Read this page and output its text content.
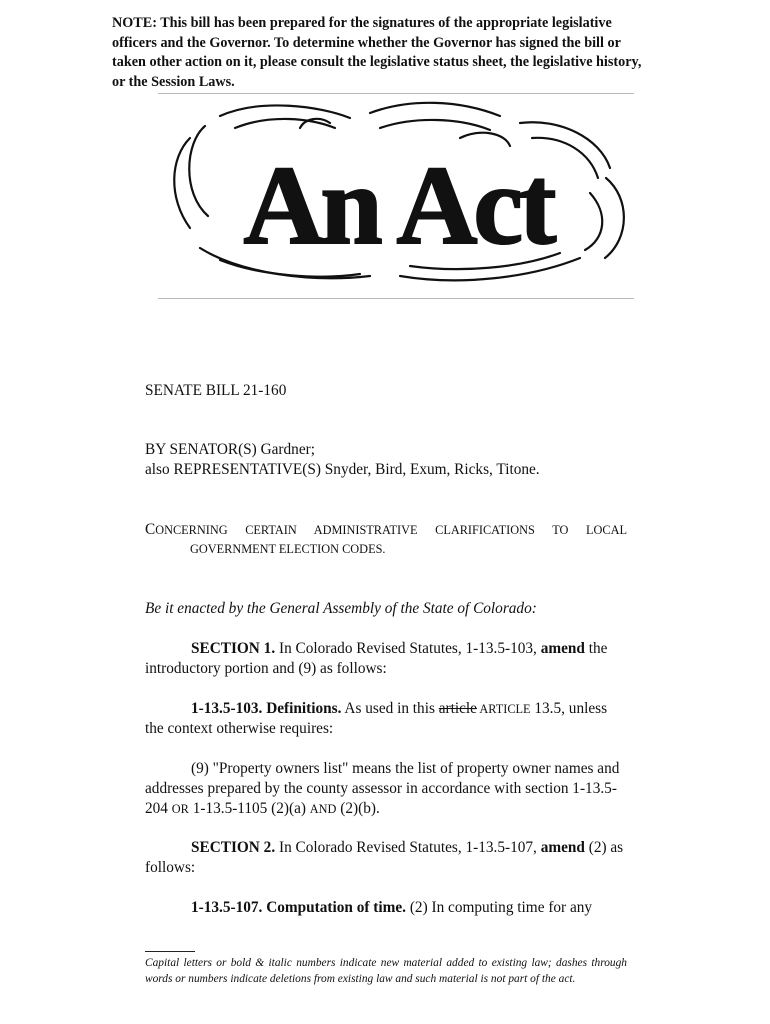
NOTE: This bill has been prepared for the signatures of the appropriate legislative officers and the Governor. To determine whether the Governor has signed the bill or taken other action on it, please consult the legislative status sheet, the legislative history, or the Session Laws.
An Act
SENATE BILL 21-160
BY SENATOR(S) Gardner;
also REPRESENTATIVE(S) Snyder, Bird, Exum, Ricks, Titone.
CONCERNING CERTAIN ADMINISTRATIVE CLARIFICATIONS TO LOCAL
GOVERNMENT ELECTION CODES.
Be it enacted by the General Assembly of the State of Colorado:
SECTION 1. In Colorado Revised Statutes, 1-13.5-103, amend the introductory portion and (9) as follows:
1-13.5-103. Definitions. As used in this article ARTICLE 13.5, unless the context otherwise requires:
(9) "Property owners list" means the list of property owner names and addresses prepared by the county assessor in accordance with section 1-13.5-204 OR 1-13.5-1105 (2)(a) AND (2)(b).
SECTION 2. In Colorado Revised Statutes, 1-13.5-107, amend (2) as follows:
1-13.5-107. Computation of time. (2) In computing time for any
Capital letters or bold & italic numbers indicate new material added to existing law; dashes through words or numbers indicate deletions from existing law and such material is not part of the act.
